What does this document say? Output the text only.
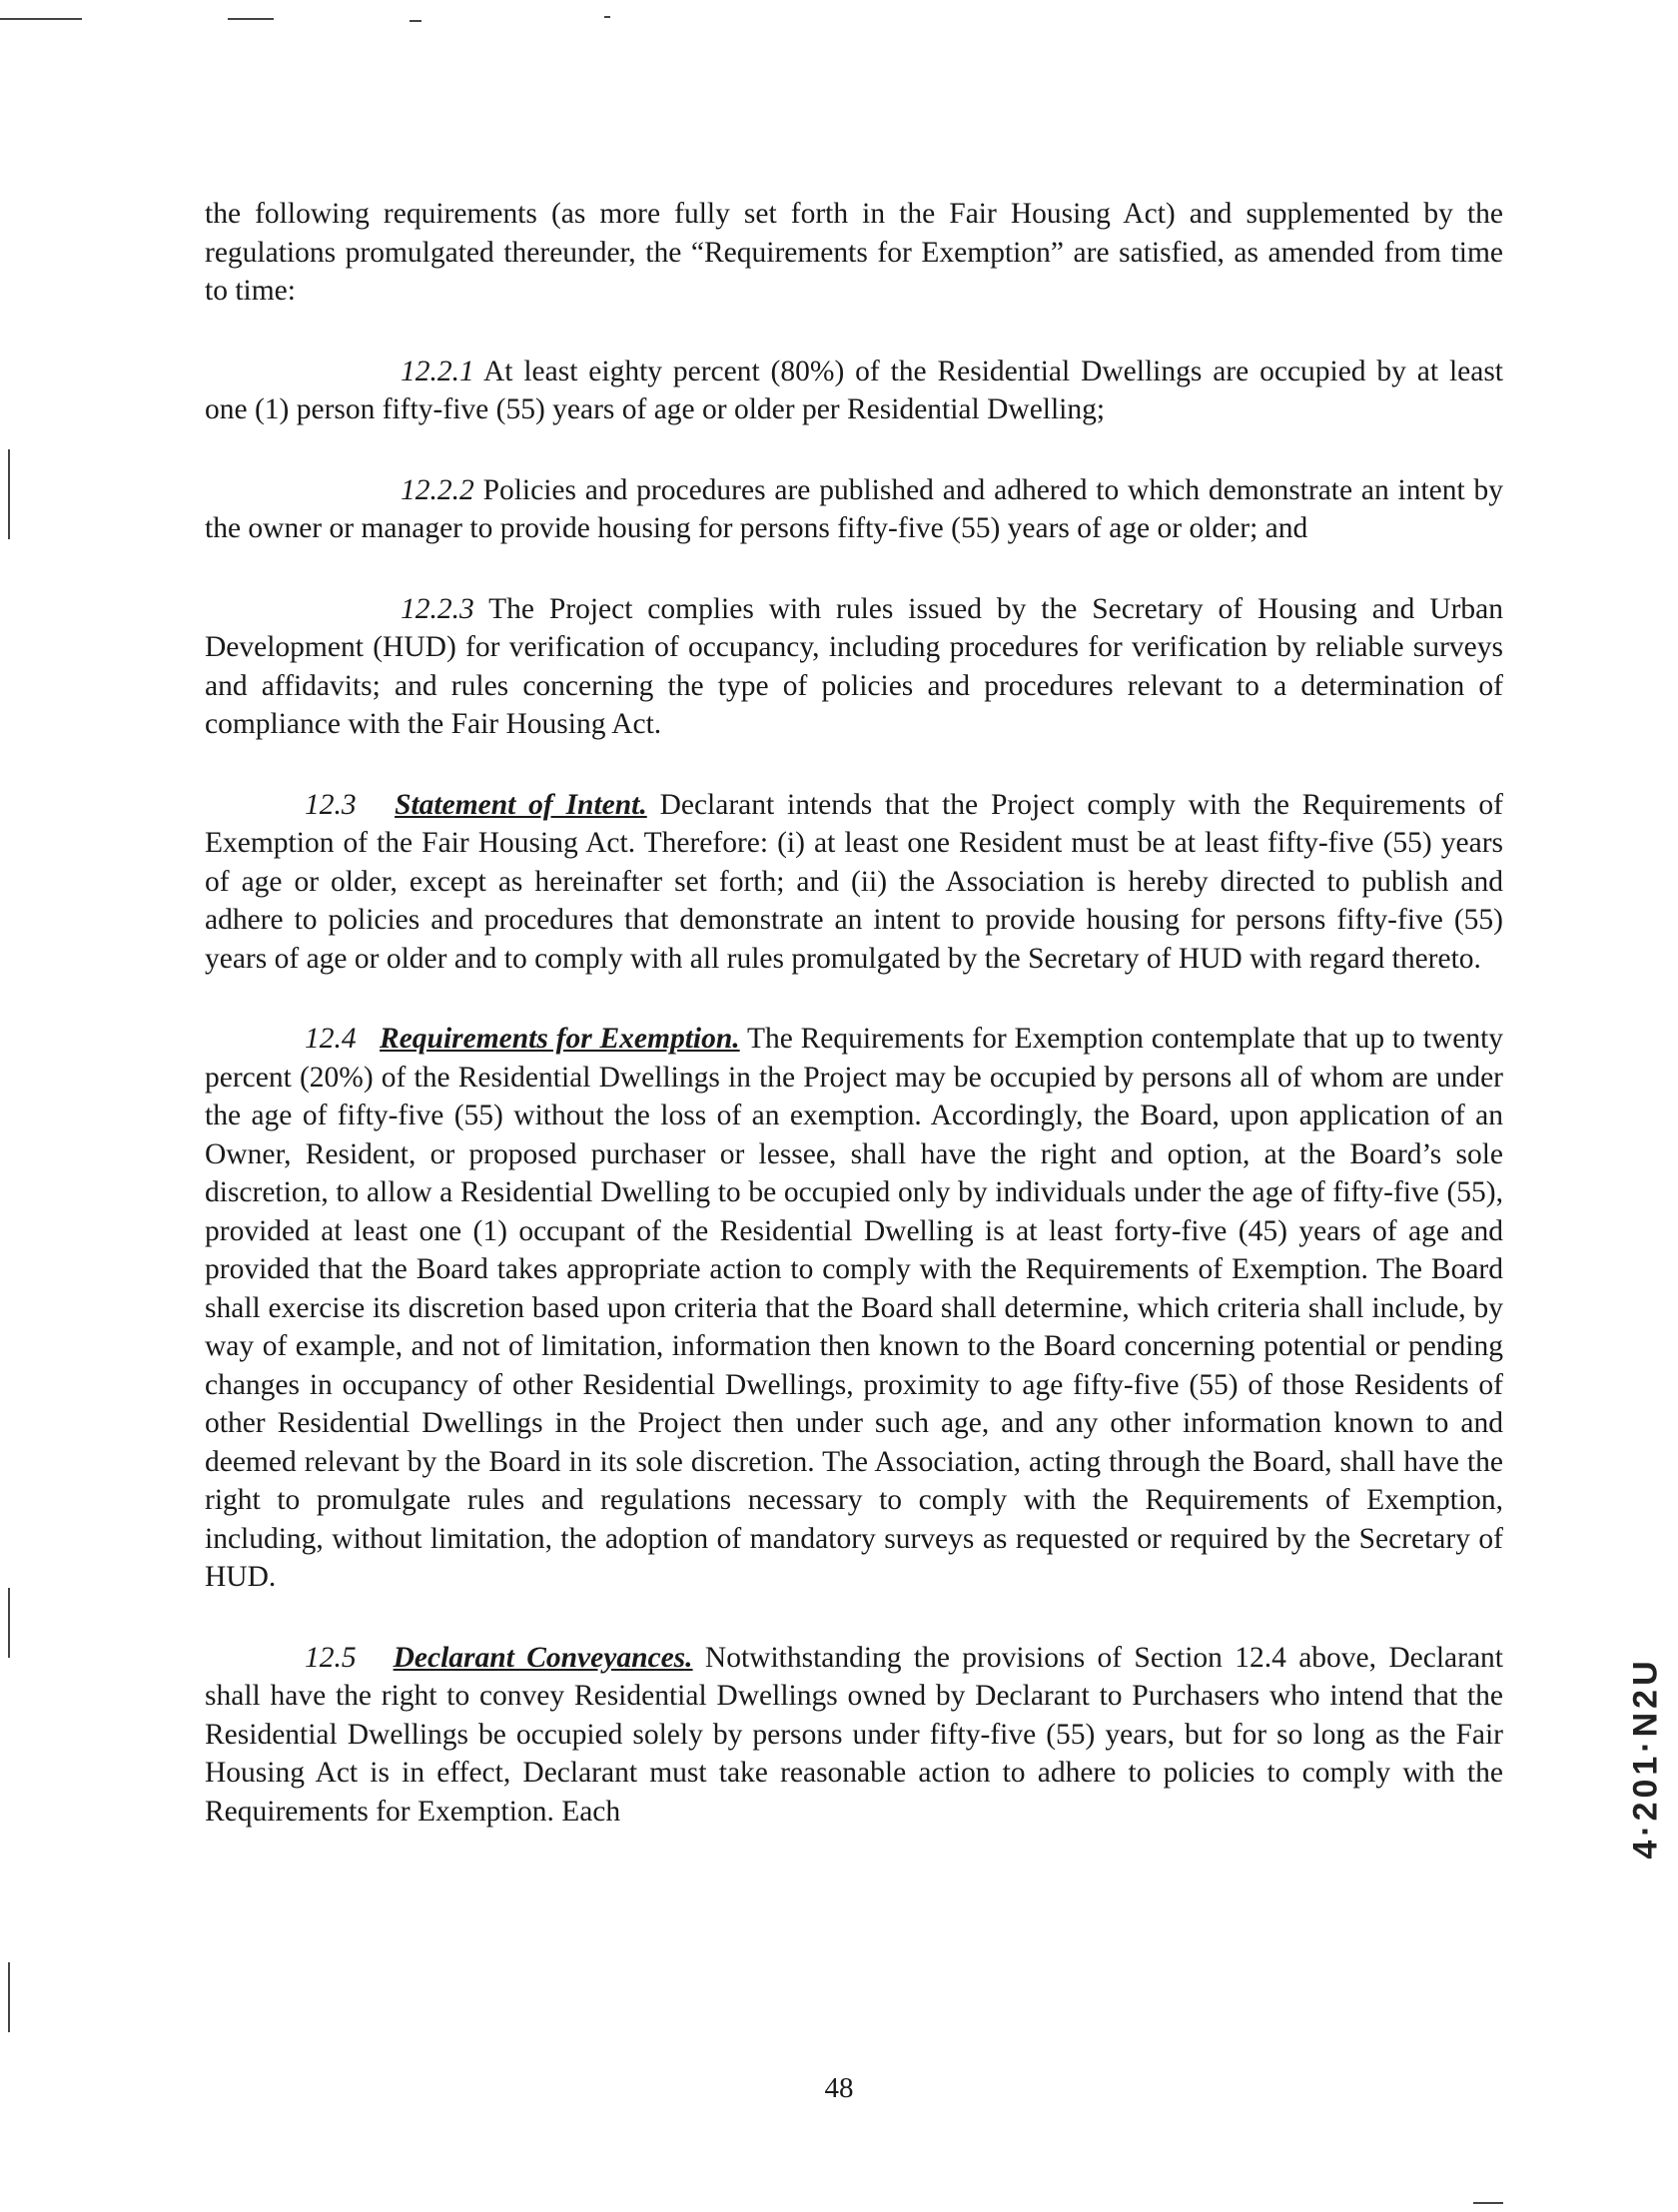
the following requirements (as more fully set forth in the Fair Housing Act) and supplemented by the regulations promulgated thereunder, the “Requirements for Exemption” are satisfied, as amended from time to time:

12.2.1 At least eighty percent (80%) of the Residential Dwellings are occupied by at least one (1) person fifty-five (55) years of age or older per Residential Dwelling;

12.2.2 Policies and procedures are published and adhered to which demonstrate an intent by the owner or manager to provide housing for persons fifty-five (55) years of age or older; and

12.2.3 The Project complies with rules issued by the Secretary of Housing and Urban Development (HUD) for verification of occupancy, including procedures for verification by reliable surveys and affidavits; and rules concerning the type of policies and procedures relevant to a determination of compliance with the Fair Housing Act.

12.3 Statement of Intent. Declarant intends that the Project comply with the Requirements of Exemption of the Fair Housing Act. Therefore: (i) at least one Resident must be at least fifty-five (55) years of age or older, except as hereinafter set forth; and (ii) the Association is hereby directed to publish and adhere to policies and procedures that demonstrate an intent to provide housing for persons fifty-five (55) years of age or older and to comply with all rules promulgated by the Secretary of HUD with regard thereto.

12.4 Requirements for Exemption. The Requirements for Exemption contemplate that up to twenty percent (20%) of the Residential Dwellings in the Project may be occupied by persons all of whom are under the age of fifty-five (55) without the loss of an exemption. Accordingly, the Board, upon application of an Owner, Resident, or proposed purchaser or lessee, shall have the right and option, at the Board’s sole discretion, to allow a Residential Dwelling to be occupied only by individuals under the age of fifty-five (55), provided at least one (1) occupant of the Residential Dwelling is at least forty-five (45) years of age and provided that the Board takes appropriate action to comply with the Requirements of Exemption. The Board shall exercise its discretion based upon criteria that the Board shall determine, which criteria shall include, by way of example, and not of limitation, information then known to the Board concerning potential or pending changes in occupancy of other Residential Dwellings, proximity to age fifty-five (55) of those Residents of other Residential Dwellings in the Project then under such age, and any other information known to and deemed relevant by the Board in its sole discretion. The Association, acting through the Board, shall have the right to promulgate rules and regulations necessary to comply with the Requirements of Exemption, including, without limitation, the adoption of mandatory surveys as requested or required by the Secretary of HUD.

12.5 Declarant Conveyances. Notwithstanding the provisions of Section 12.4 above, Declarant shall have the right to convey Residential Dwellings owned by Declarant to Purchasers who intend that the Residential Dwellings be occupied solely by persons under fifty-five (55) years, but for so long as the Fair Housing Act is in effect, Declarant must take reasonable action to adhere to policies to comply with the Requirements for Exemption. Each	4·201·N2U
48
